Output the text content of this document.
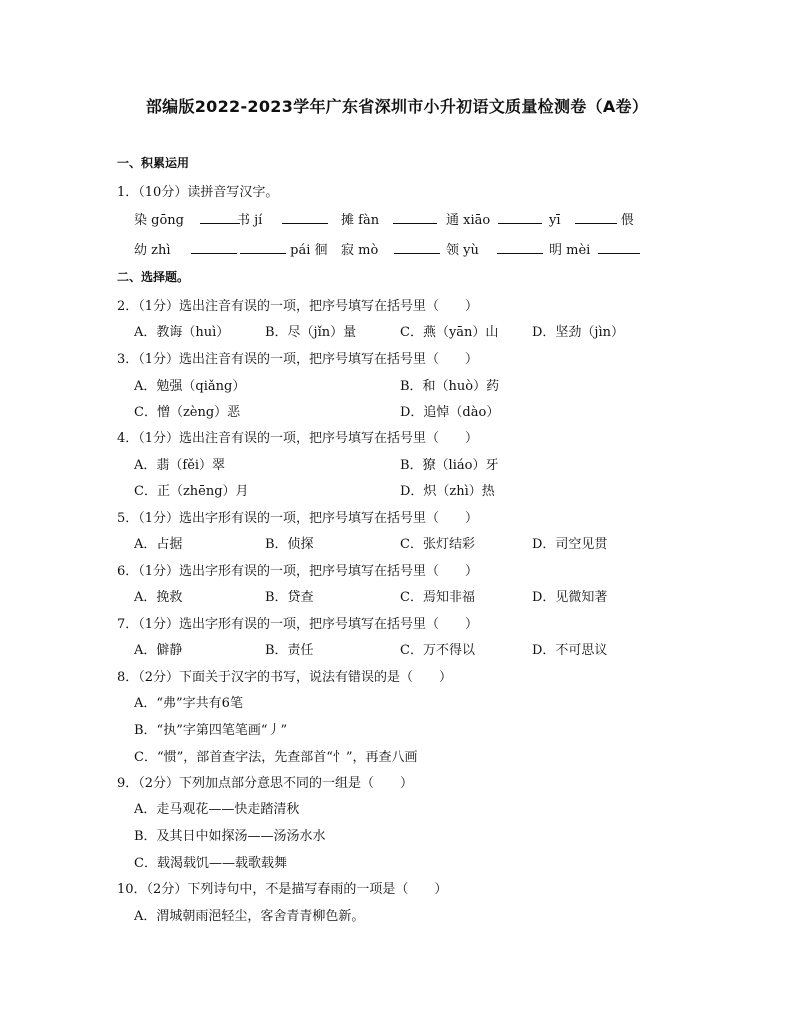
部编版2022-2023学年广东省深圳市小升初语文质量检测卷（A卷）
一、积累运用
1．（10分）读拼音写汉字。
染 gōng	书 jí	摊 fàn	通 xiāo	yī	偎
幼 zhì	pái 徊 寂 mò	领 yù	明 mèi
二、选择题。
2．（1分）选出注音有误的一项，把序号填写在括号里（　　）
A．教诲（huì）	B．尽（jǐn）量	C．燕（yān）山	D．坚劲（jìn）
3．（1分）选出注音有误的一项，把序号填写在括号里（　　）
A．勉强（qiǎng）	B．和（huò）药
C．憎（zèng）恶	D．追悼（dào）
4．（1分）选出注音有误的一项，把序号填写在括号里（　　）
A．翡（fěi）翠	B．獠（liáo）牙
C．正（zhēng）月	D．炽（zhì）热
5．（1分）选出字形有误的一项，把序号填写在括号里（　　）
A．占据	B．侦探	C．张灯结彩	D．司空见贯
6．（1分）选出字形有误的一项，把序号填写在括号里（　　）
A．挽救	B．贷查	C．焉知非福	D．见微知著
7．（1分）选出字形有误的一项，把序号填写在括号里（　　）
A．僻静	B．责任	C．万不得以	D．不可思议
8．（2分）下面关于汉字的书写，说法有错误的是（　　）
A．“弗”字共有6笔
B．“执”字第四笔笔画“丿”
C．“惯”，部首查字法，先查部首“忄”，再查八画
9．（2分）下列加点部分意思不同的一组是（　　）
A．走马观花——快走踏清秋
B．及其日中如探汤——汤汤水水
C．载渴载饥——载歌载舞
10．（2分）下列诗句中，不是描写春雨的一项是（　　）
A．渭城朝雨浥轻尘，客舍青青柳色新。
